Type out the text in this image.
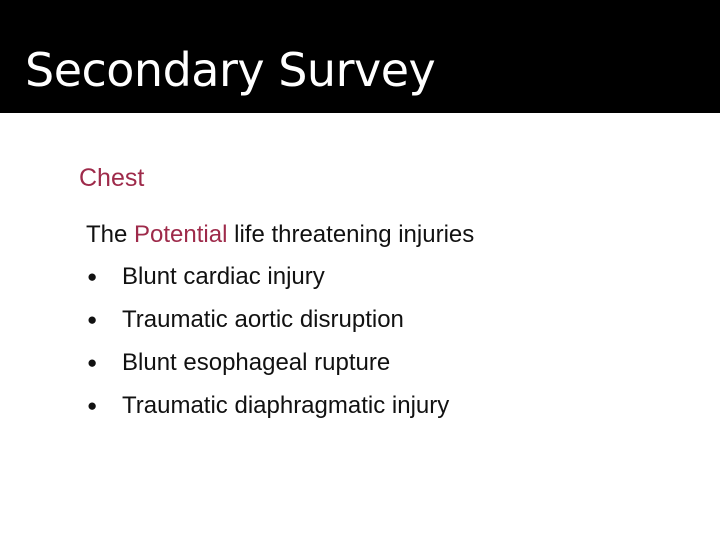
Secondary Survey
Chest
The Potential life threatening injuries
●	Blunt cardiac injury
●	Traumatic aortic disruption
●	Blunt esophageal rupture
●	Traumatic diaphragmatic injury
